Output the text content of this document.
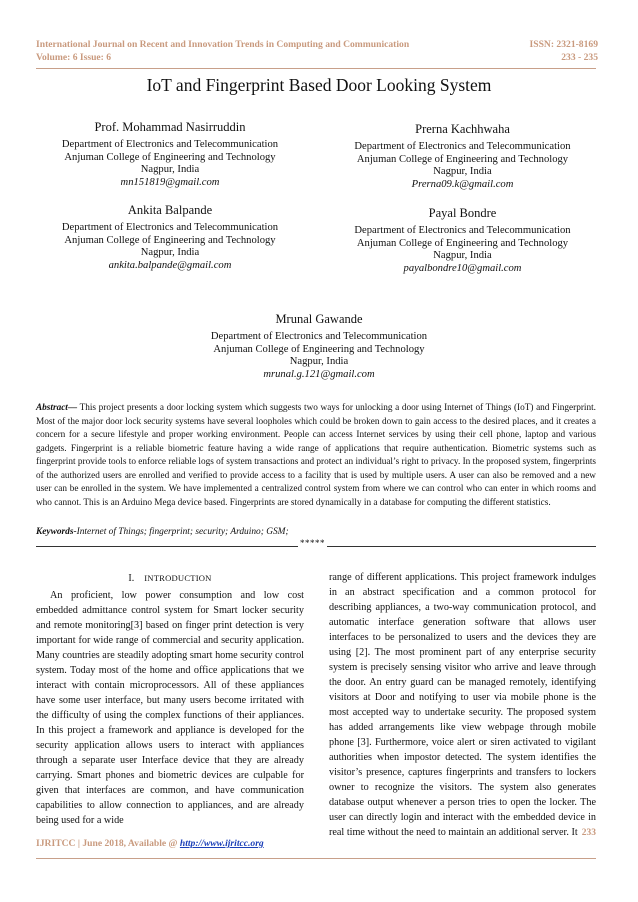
International Journal on Recent and Innovation Trends in Computing and Communication
Volume: 6 Issue: 6
ISSN: 2321-8169
233 - 235
IoT and Fingerprint Based Door Looking System
Prof. Mohammad Nasirruddin
Department of Electronics and Telecommunication
Anjuman College of Engineering and Technology
Nagpur, India
mn151819@gmail.com
Prerna Kachhwaha
Department of Electronics and Telecommunication
Anjuman College of Engineering and Technology
Nagpur, India
Prerna09.k@gmail.com
Ankita Balpande
Department of Electronics and Telecommunication
Anjuman College of Engineering and Technology
Nagpur, India
ankita.balpande@gmail.com
Payal Bondre
Department of Electronics and Telecommunication
Anjuman College of Engineering and Technology
Nagpur, India
payalbondre10@gmail.com
Mrunal Gawande
Department of Electronics and Telecommunication
Anjuman College of Engineering and Technology
Nagpur, India
mrunal.g.121@gmail.com
Abstract— This project presents a door locking system which suggests two ways for unlocking a door using Internet of Things (IoT) and Fingerprint. Most of the major door lock security systems have several loopholes which could be broken down to gain access to the desired places, and it creates a concern for a secure lifestyle and proper working environment. People can access Internet services by using their cell phone, laptop and various gadgets. Fingerprint is a reliable biometric feature having a wide range of applications that require authentication. Biometric systems such as fingerprint provide tools to enforce reliable logs of system transactions and protect an individual’s right to privacy. In the proposed system, fingerprints of the authorized users are enrolled and verified to provide access to a facility that is used by multiple users. A user can also be removed and a new user can be enrolled in the system. We have implemented a centralized control system from where we can control who can enter in which rooms and who cannot. This is an Arduino Mega device based. Fingerprints are stored dynamically in a database for computing the different statistics.
Keywords-Internet of Things; fingerprint; security; Arduino; GSM;
*****
I. INTRODUCTION
An proficient, low power consumption and low cost embedded admittance control system for Smart locker security and remote monitoring[3] based on finger print detection is very important for wide range of commercial and security application. Many countries are steadily adopting smart home security control system. Today most of the home and office applications that we interact with contain microprocessors. All of these appliances have some user interface, but many users become irritated with the difficulty of using the complex functions of their appliances. In this project a framework and appliance is developed for the security application allows users to interact with appliances through a separate user Interface device that they are already carrying. Smart phones and biometric devices are culpable for given that interfaces are common, and have communication capabilities to allow connection to appliances, and are already being used for a wide
range of different applications. This project framework indulges in an abstract specification and a common protocol for describing appliances, a two-way communication protocol, and automatic interface generation software that allows user interfaces to be personalized to users and the devices they are using [2]. The most prominent part of any enterprise security system is precisely sensing visitor who arrive and leave through the door. An entry guard can be managed remotely, identifying visitors at Door and notifying to user via mobile phone is the most accepted way to undertake security. The proposed system has added arrangements like view webpage through mobile phone [3]. Furthermore, voice alert or siren activated to vigilant authorities when impostor detected. The system identifies the visitor’s presence, captures fingerprints and transfers to lockers owner to recognize the visitors. The system also generates database output whenever a person tries to open the locker. The user can directly login and interact with the embedded device in real time without the need to maintain an additional server. It 233
IJRITCC | June 2018, Available @ http://www.ijritcc.org
